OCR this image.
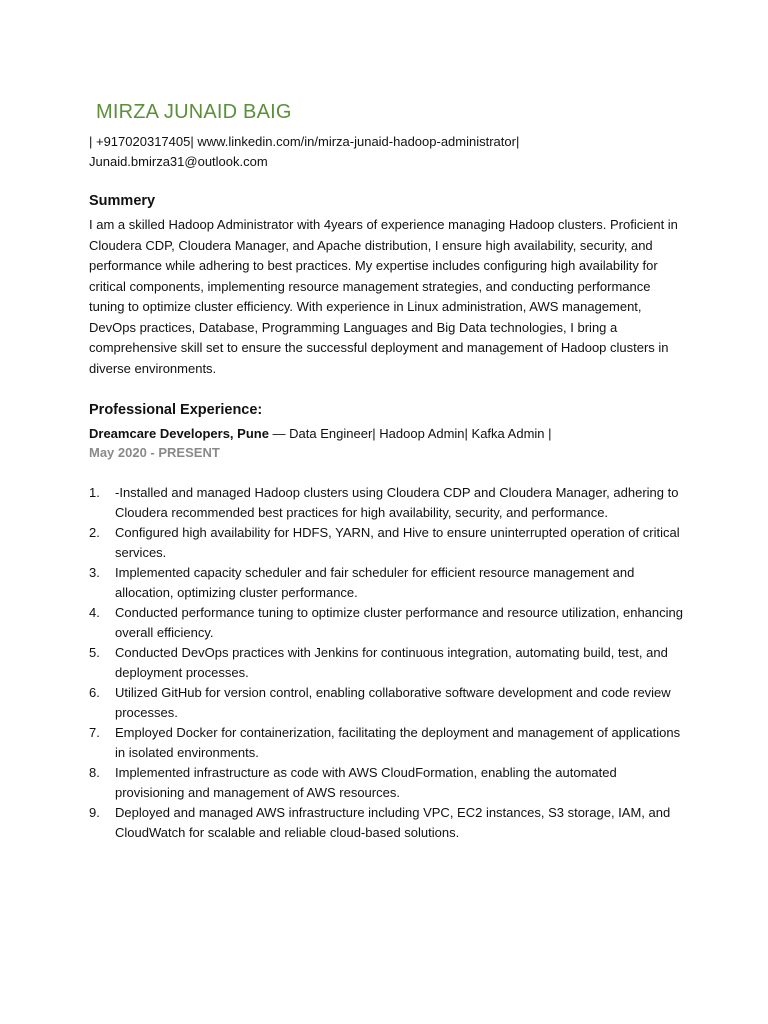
MIRZA JUNAID BAIG
| +917020317405| www.linkedin.com/in/mirza-junaid-hadoop-administrator|
Junaid.bmirza31@outlook.com
Summery
I am a skilled Hadoop Administrator with 4years of experience managing Hadoop clusters. Proficient in Cloudera CDP, Cloudera Manager, and Apache distribution, I ensure high availability, security, and performance while adhering to best practices. My expertise includes configuring high availability for critical components, implementing resource management strategies, and conducting performance tuning to optimize cluster efficiency. With experience in Linux administration, AWS management, DevOps practices, Database, Programming Languages and Big Data technologies, I bring a comprehensive skill set to ensure the successful deployment and management of Hadoop clusters in diverse environments.
Professional Experience:
Dreamcare Developers, Pune — Data Engineer| Hadoop Admin| Kafka Admin |
May 2020 - PRESENT
1.	-Installed and managed Hadoop clusters using Cloudera CDP and Cloudera Manager, adhering to Cloudera recommended best practices for high availability, security, and performance.
2.	Configured high availability for HDFS, YARN, and Hive to ensure uninterrupted operation of critical services.
3.	Implemented capacity scheduler and fair scheduler for efficient resource management and allocation, optimizing cluster performance.
4.	Conducted performance tuning to optimize cluster performance and resource utilization, enhancing overall efficiency.
5.	Conducted DevOps practices with Jenkins for continuous integration, automating build, test, and deployment processes.
6.	Utilized GitHub for version control, enabling collaborative software development and code review processes.
7.	Employed Docker for containerization, facilitating the deployment and management of applications in isolated environments.
8.	Implemented infrastructure as code with AWS CloudFormation, enabling the automated provisioning and management of AWS resources.
9.	Deployed and managed AWS infrastructure including VPC, EC2 instances, S3 storage, IAM, and CloudWatch for scalable and reliable cloud-based solutions.
